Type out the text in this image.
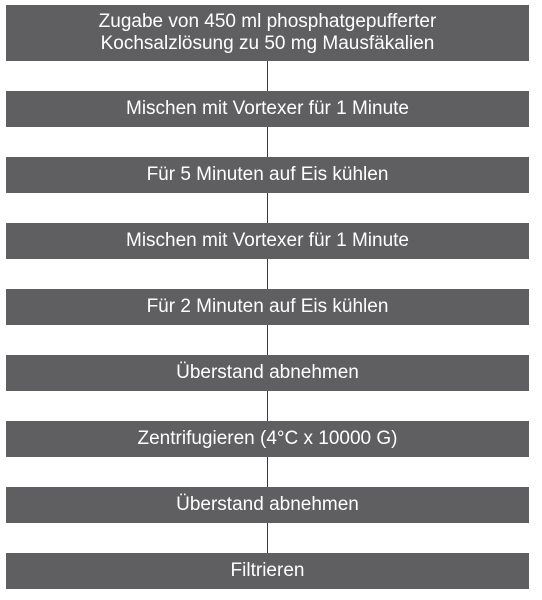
Zugabe von 450 ml phosphatgepufferter
Kochsalzlösung zu 50 mg Mausfäkalien
Mischen mit Vortexer für 1 Minute
Für 5 Minuten auf Eis kühlen
Mischen mit Vortexer für 1 Minute
Für 2 Minuten auf Eis kühlen
Überstand abnehmen
Zentrifugieren (4°C x 10000 G)
Überstand abnehmen
Filtrieren
